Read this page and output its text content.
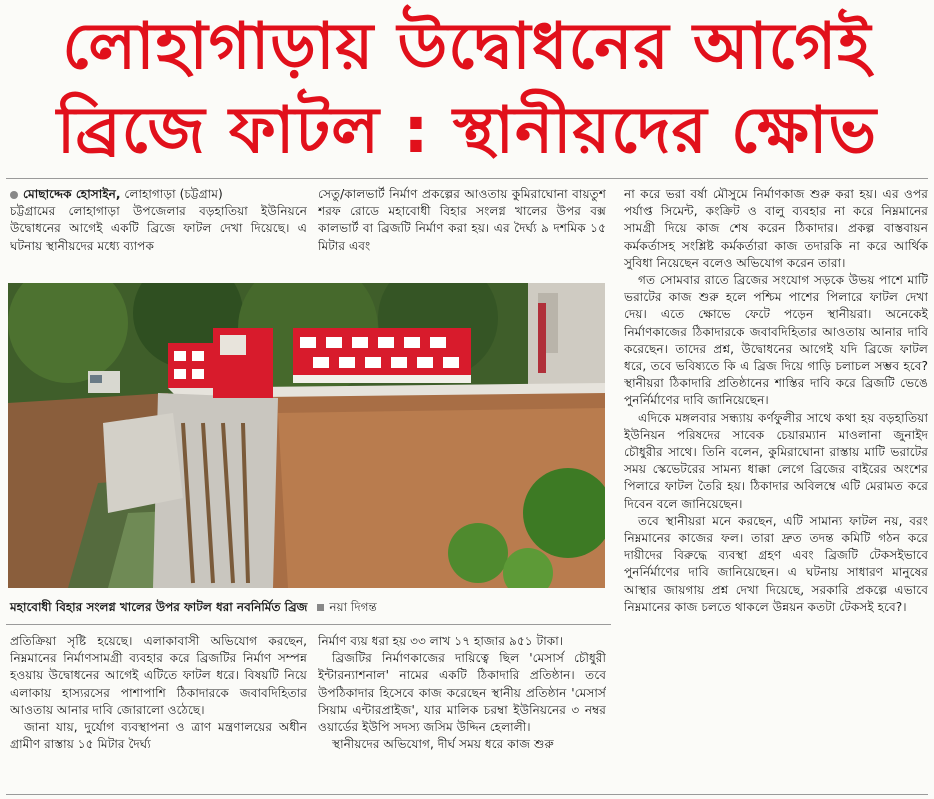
লোহাগাড়ায় উদ্বোধনের আগেই
ব্রিজে ফাটল : স্থানীয়দের ক্ষোভ
মোছাদ্দেক হোসাইন, লোহাগাড়া (চট্টগ্রাম)

চট্টগ্রামের লোহাগাড়া উপজেলার বড়হাতিয়া ইউনিয়নে উদ্বোধনের আগেই একটি ব্রিজে ফাটল দেখা দিয়েছে। এ ঘটনায় স্থানীয়দের মধ্যে ব্যাপক

সেতু/কালভার্ট নির্মাণ প্রকল্পের আওতায় কুমিরাঘোনা বায়তুশ শরফ রোডে মহাবোধী বিহার সংলগ্ন খালের উপর বক্স কালভার্ট বা ব্রিজটি নির্মাণ করা হয়। এর দৈর্ঘ্য ৯ দশমিক ১৫ মিটার এবং

মহাবোধী বিহার সংলগ্ন খালের উপর ফাটল ধরা নবনির্মিত ব্রিজ নয়া দিগন্ত

প্রতিক্রিয়া সৃষ্টি হয়েছে। এলাকাবাসী অভিযোগ করছেন, নিম্নমানের নির্মাণসামগ্রী ব্যবহার করে ব্রিজটির নির্মাণ সম্পন্ন হওয়ায় উদ্বোধনের আগেই এটিতে ফাটল ধরে। বিষয়টি নিয়ে এলাকায় হাস্যরসের পাশাপাশি ঠিকাদারকে জবাবদিহিতার আওতায় আনার দাবি জোরালো ওঠেছে।

জানা যায়, দুর্যোগ ব্যবস্থাপনা ও ত্রাণ মন্ত্রণালয়ের অধীন গ্রামীণ রাস্তায় ১৫ মিটার দৈর্ঘ্য

নির্মাণ ব্যয় ধরা হয় ৩৩ লাখ ১৭ হাজার ৯৫১ টাকা।

ব্রিজটির নির্মাণকাজের দায়িত্বে ছিল 'মেসার্স চৌধুরী ইন্টারন্যাশনাল' নামের একটি ঠিকাদারি প্রতিষ্ঠান। তবে উপঠিকাদার হিসেবে কাজ করেছেন স্থানীয় প্রতিষ্ঠান 'মেসার্স সিয়াম এন্টারপ্রাইজ', যার মালিক চরম্বা ইউনিয়নের ৩ নম্বর ওয়ার্ডের ইউপি সদস্য জসিম উদ্দিন হেলালী।

স্থানীয়দের অভিযোগ, দীর্ঘ সময় ধরে কাজ শুরু

না করে ভরা বর্ষা মৌসুমে নির্মাণকাজ শুরু করা হয়। এর ওপর পর্যাপ্ত সিমেন্ট, কংক্রিট ও বালু ব্যবহার না করে নিম্নমানের সামগ্রী দিয়ে কাজ শেষ করেন ঠিকাদার। প্রকল্প বাস্তবায়ন কর্মকর্তাসহ সংশ্লিষ্ট কর্মকর্তারা কাজ তদারকি না করে আর্থিক সুবিধা নিয়েছেন বলেও অভিযোগ করেন তারা।

গত সোমবার রাতে ব্রিজের সংযোগ সড়কে উভয় পাশে মাটি ভরাটের কাজ শুরু হলে পশ্চিম পাশের পিলারে ফাটল দেখা দেয়। এতে ক্ষোভে ফেটে পড়েন স্থানীয়রা। অনেকেই নির্মাণকাজের ঠিকাদারকে জবাবদিহিতার আওতায় আনার দাবি করেছেন। তাদের প্রশ্ন, উদ্বোধনের আগেই যদি ব্রিজে ফাটল ধরে, তবে ভবিষ্যতে কি এ ব্রিজ দিয়ে গাড়ি চলাচল সম্ভব হবে? স্থানীয়রা ঠিকাদারি প্রতিষ্ঠানের শাস্তির দাবি করে ব্রিজটি ভেঙে পুনর্নির্মাণের দাবি জানিয়েছেন।

এদিকে মঙ্গলবার সন্ধ্যায় কর্ণফুলীর সাথে কথা হয় বড়হাতিয়া ইউনিয়ন পরিষদের সাবেক চেয়ারম্যান মাওলানা জুনাইদ চৌধুরীর সাথে। তিনি বলেন, কুমিরাঘোনা রাস্তায় মাটি ভরাটের সময় স্কেভেটরের সামন্য ধাক্কা লেগে ব্রিজের বাইরের অংশের পিলারে ফাটল তৈরি হয়। ঠিকাদার অবিলম্বে এটি মেরামত করে দিবেন বলে জানিয়েছেন।

তবে স্থানীয়রা মনে করছেন, এটি সামান্য ফাটল নয়, বরং নিম্নমানের কাজের ফল। তারা দ্রুত তদন্ত কমিটি গঠন করে দায়ীদের বিরুদ্ধে ব্যবস্থা গ্রহণ এবং ব্রিজটি টেকসইভাবে পুনর্নির্মাণের দাবি জানিয়েছেন। এ ঘটনায় সাধারণ মানুষের আস্থার জায়গায় প্রশ্ন দেখা দিয়েছে, সরকারি প্রকল্পে এভাবে নিম্নমানের কাজ চলতে থাকলে উন্নয়ন কতটা টেকসই হবে?।
